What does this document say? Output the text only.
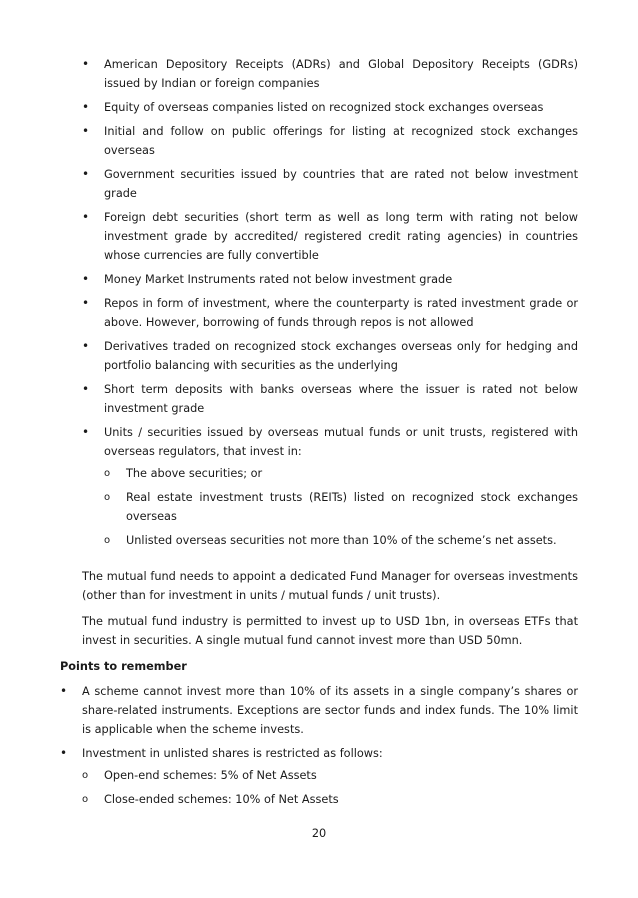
• American Depository Receipts (ADRs) and Global Depository Receipts (GDRs) issued by Indian or foreign companies
• Equity of overseas companies listed on recognized stock exchanges overseas
• Initial and follow on public offerings for listing at recognized stock exchanges overseas
• Government securities issued by countries that are rated not below investment grade
• Foreign debt securities (short term as well as long term with rating not below investment grade by accredited/ registered credit rating agencies) in countries whose currencies are fully convertible
• Money Market Instruments rated not below investment grade
• Repos in form of investment, where the counterparty is rated investment grade or above. However, borrowing of funds through repos is not allowed
• Derivatives traded on recognized stock exchanges overseas only for hedging and portfolio balancing with securities as the underlying
• Short term deposits with banks overseas where the issuer is rated not below investment grade
• Units / securities issued by overseas mutual funds or unit trusts, registered with overseas regulators, that invest in:
o The above securities; or
o Real estate investment trusts (REITs) listed on recognized stock exchanges overseas
o Unlisted overseas securities not more than 10% of the scheme’s net assets.

The mutual fund needs to appoint a dedicated Fund Manager for overseas investments (other than for investment in units / mutual funds / unit trusts).

The mutual fund industry is permitted to invest up to USD 1bn, in overseas ETFs that invest in securities. A single mutual fund cannot invest more than USD 50mn.

Points to remember

• A scheme cannot invest more than 10% of its assets in a single company’s shares or share-related instruments. Exceptions are sector funds and index funds. The 10% limit is applicable when the scheme invests.
• Investment in unlisted shares is restricted as follows:
o Open-end schemes: 5% of Net Assets
o Close-ended schemes: 10% of Net Assets
20
